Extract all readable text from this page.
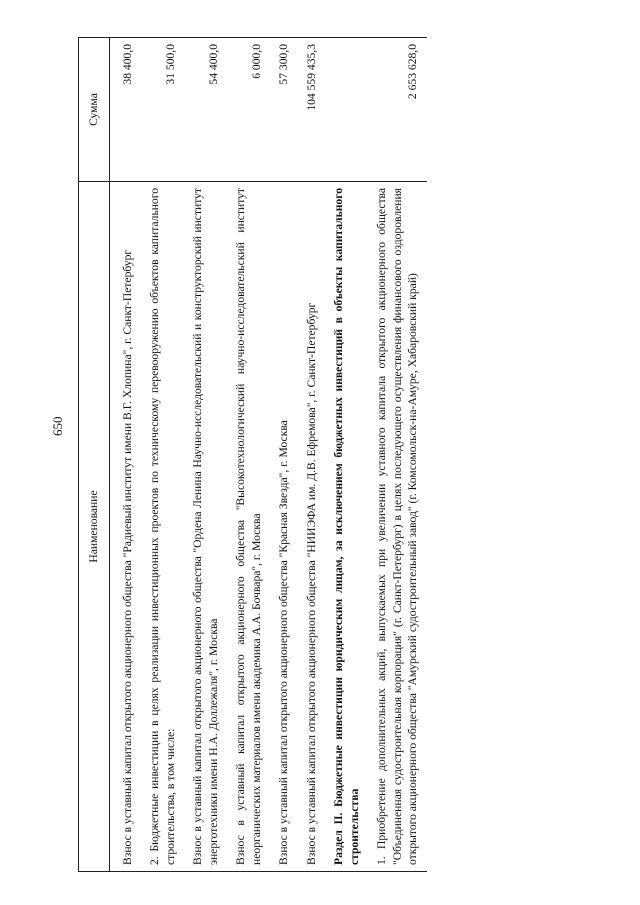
650
Наименование	Сумма
Взнос в уставный капитал открытого акционерного общества "Радиевый институт имени В.Г. Хлопина", г. Санкт-Петербург	38 400,0
2. Бюджетные инвестиции в целях реализации инвестиционных проектов по техническому перевооружению объектов капитального строительства, в том числе:	31 500,0
Взнос в уставный капитал открытого акционерного общества "Ордена Ленина Научно-исследовательский и конструкторский институт энерготехники имени Н.А. Доллежаля", г. Москва	54 400,0
Взнос в уставный капитал открытого акционерного общества "Высокотехнологический научно-исследовательский институт неорганических материалов имени академика А.А. Бочвара", г. Москва	6 000,0
Взнос в уставный капитал открытого акционерного общества "Красная Звезда", г. Москва	57 300,0
Взнос в уставный капитал открытого акционерного общества "НИИЭФА им. Д.В. Ефремова", г. Санкт-Петербург	104 559 435,3
Раздел II. Бюджетные инвестиции юридическим лицам, за исключением бюджетных инвестиций в объекты капитального строительства	
1. Приобретение дополнительных акций, выпускаемых при увеличении уставного капитала открытого акционерного общества "Объединенная судостроительная корпорация" (г. Санкт-Петербург) в целях последующего осуществления финансового оздоровления открытого акционерного общества "Амурский судостроительный завод" (г. Комсомольск-на-Амуре, Хабаровский край)	2 653 628,0
